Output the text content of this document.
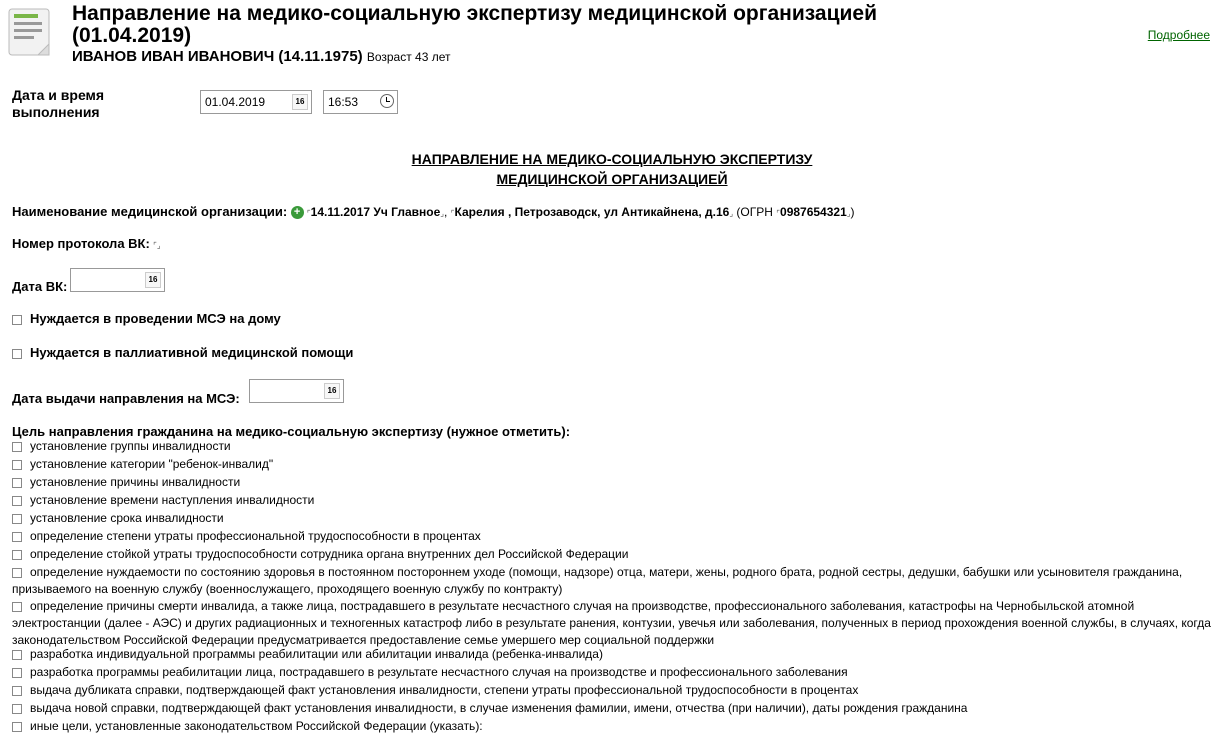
Направление на медико-социальную экспертизу медицинской организацией
(01.04.2019)
ИВАНОВ ИВАН ИВАНОВИЧ (14.11.1975) Возраст 43 лет
Подробнее
Дата и время выполнения
01.04.2019	16 16:53
НАПРАВЛЕНИЕ НА МЕДИКО-СОЦИАЛЬНУЮ ЭКСПЕРТИЗУ
МЕДИЦИНСКОЙ ОРГАНИЗАЦИЕЙ
Наименование медицинской организации: + ⌜14.11.2017 Уч Главное⌟, ⌜Карелия , Петрозаводск, ул Антикайнена, д.16⌟ (ОГРН ⌜0987654321⌟)
Номер протокола ВК: ⌜⌟
Дата ВК:	16
Нуждается в проведении МСЭ на дому
Нуждается в паллиативной медицинской помощи
Дата выдачи направления на МСЭ:
16
Цель направления гражданина на медико-социальную экспертизу (нужное отметить):
установление группы инвалидности
установление категории "ребенок-инвалид"
установление причины инвалидности
установление времени наступления инвалидности
установление срока инвалидности
определение степени утраты профессиональной трудоспособности в процентах
определение стойкой утраты трудоспособности сотрудника органа внутренних дел Российской Федерации
определение нуждаемости по состоянию здоровья в постоянном постороннем уходе (помощи, надзоре) отца, матери, жены, родного брата, родной сестры, дедушки, бабушки или усыновителя гражданина, призываемого на военную службу (военнослужащего, проходящего военную службу по контракту)
определение причины смерти инвалида, а также лица, пострадавшего в результате несчастного случая на производстве, профессионального заболевания, катастрофы на Чернобыльской атомной электростанции (далее - АЭС) и других радиационных и техногенных катастроф либо в результате ранения, контузии, увечья или заболевания, полученных в период прохождения военной службы, в случаях, когда законодательством Российской Федерации предусматривается предоставление семье умершего мер социальной поддержки
разработка индивидуальной программы реабилитации или абилитации инвалида (ребенка-инвалида)
разработка программы реабилитации лица, пострадавшего в результате несчастного случая на производстве и профессионального заболевания
выдача дубликата справки, подтверждающей факт установления инвалидности, степени утраты профессиональной трудоспособности в процентах
выдача новой справки, подтверждающей факт установления инвалидности, в случае изменения фамилии, имени, отчества (при наличии), даты рождения гражданина
иные цели, установленные законодательством Российской Федерации (указать):
